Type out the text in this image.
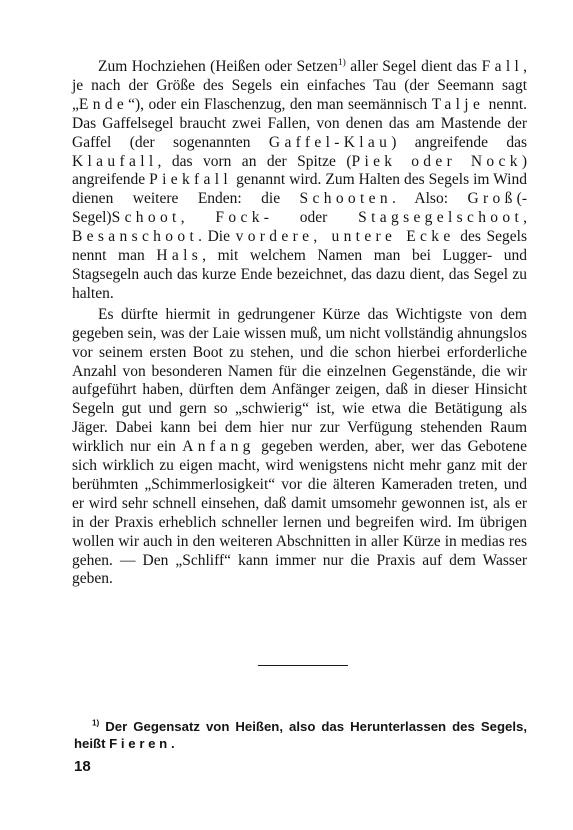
Zum Hochziehen (Heißen oder Setzen$^{1)}$ aller Segel dient das Fall, je nach der Größe des Segels ein einfaches Tau (der Seemann sagt „Ende“), oder ein Flaschenzug, den man seemännisch Talje nennt. Das Gaffelsegel braucht zwei Fallen, von denen das am Mastende der Gaffel (der sogenannten Gaffel-Klau) angreifende das Klaufall, das vorn an der Spitze (Piek oder Nock) angreifende Piekfall genannt wird. Zum Halten des Segels im Wind dienen weitere Enden: die Schooten. Also: Groß(-Segel)Schoot, Fock- oder Stagsegelschoot, Besanschoot. Die vordere, untere Ecke des Segels nennt man Hals, mit welchem Namen man bei Lugger- und Stagsegeln auch das kurze Ende bezeichnet, das dazu dient, das Segel zu halten.

Es dürfte hiermit in gedrungener Kürze das Wichtigste von dem gegeben sein, was der Laie wissen muß, um nicht vollständig ahnungslos vor seinem ersten Boot zu stehen, und die schon hierbei erforderliche Anzahl von besonderen Namen für die einzelnen Gegenstände, die wir aufgeführt haben, dürften dem Anfänger zeigen, daß in dieser Hinsicht Segeln gut und gern so „schwierig“ ist, wie etwa die Betätigung als Jäger. Dabei kann bei dem hier nur zur Verfügung stehenden Raum wirklich nur ein Anfang gegeben werden, aber, wer das Gebotene sich wirklich zu eigen macht, wird wenigstens nicht mehr ganz mit der berühmten „Schimmerlosigkeit“ vor die älteren Kameraden treten, und er wird sehr schnell einsehen, daß damit umsomehr gewonnen ist, als er in der Praxis erheblich schneller lernen und begreifen wird. Im übrigen wollen wir auch in den weiteren Abschnitten in aller Kürze in medias res gehen. — Den „Schliff“ kann immer nur die Praxis auf dem Wasser geben.

$^{1)}$ Der Gegensatz von Heißen, also das Herunterlassen des Segels, heißt Fieren.

18
